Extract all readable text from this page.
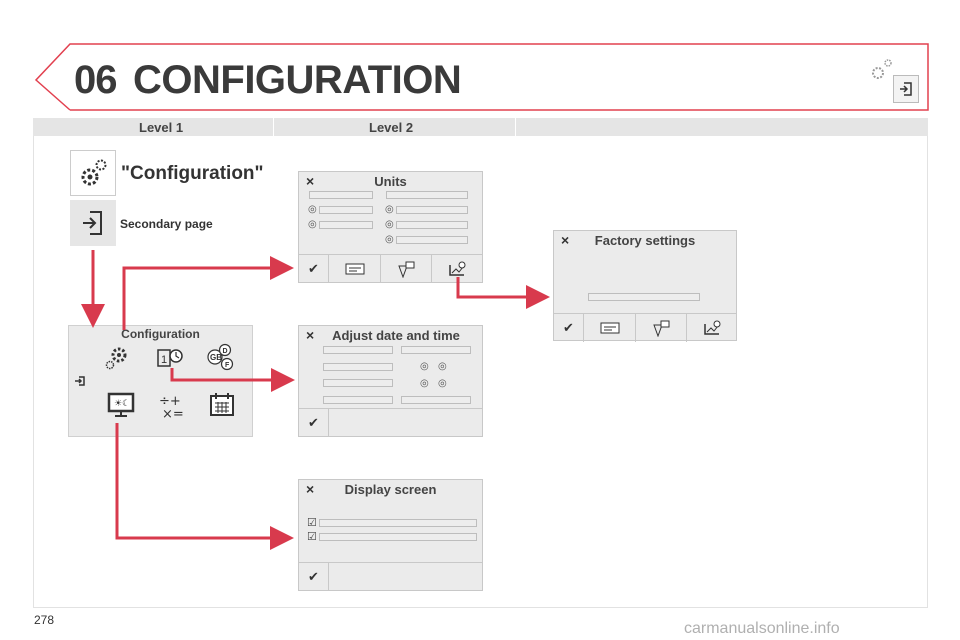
06 CONFIGURATION
Level 1	Level 2
"Configuration"
Secondary page
Configuration
1	GB
D
F
☀☾ ÷+
×=
×	Units
◎	◎
◎	◎
◎
✔
×	Factory settings
✔
×	Adjust date and time
◎ ◎
◎ ◎
✔
×	Display screen
☑
☑
✔
278	carmanualsonline.info
